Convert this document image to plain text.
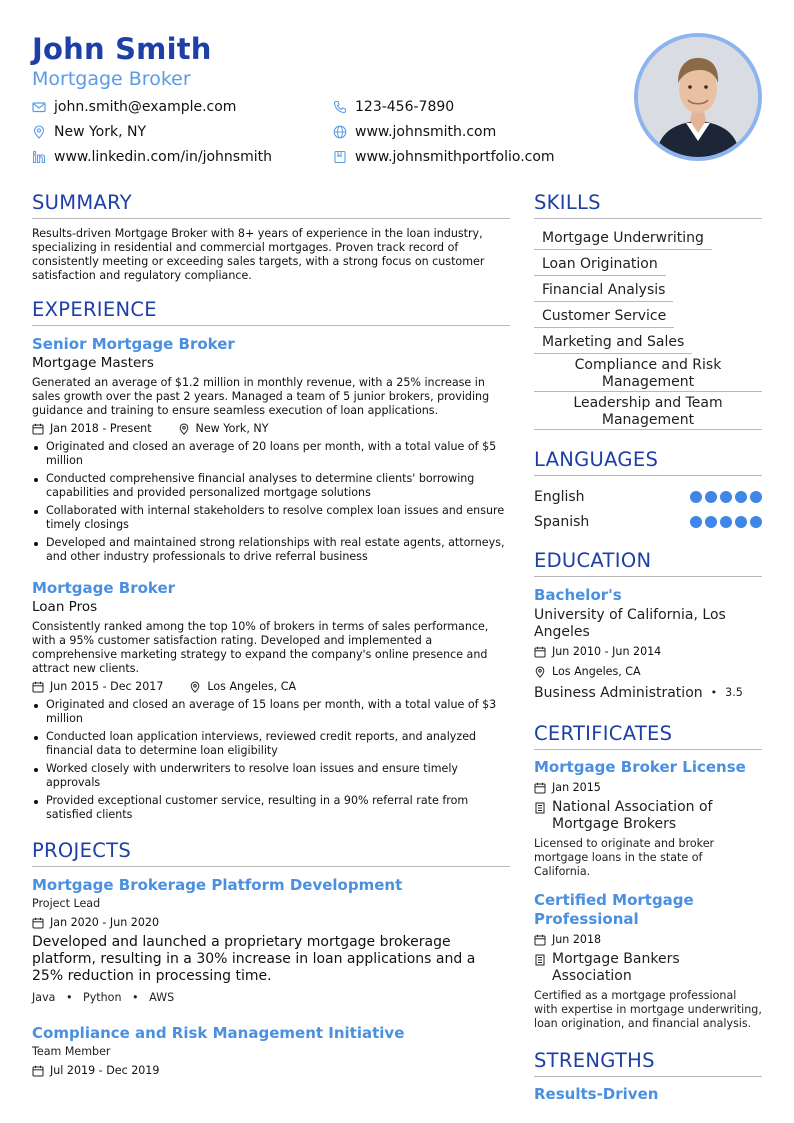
John Smith
Mortgage Broker
john.smith@example.com	123-456-7890
New York, NY	www.johnsmith.com
www.linkedin.com/in/johnsmith	www.johnsmithportfolio.com
SUMMARY
Results-driven Mortgage Broker with 8+ years of experience in the loan industry, specializing in residential and commercial mortgages. Proven track record of consistently meeting or exceeding sales targets, with a strong focus on customer satisfaction and regulatory compliance.
EXPERIENCE
Senior Mortgage Broker
Mortgage Masters
Generated an average of $1.2 million in monthly revenue, with a 25% increase in sales growth over the past 2 years. Managed a team of 5 junior brokers, providing guidance and training to ensure seamless execution of loan applications.
Jan 2018 - Present	New York, NY
Originated and closed an average of 20 loans per month, with a total value of $5 million
Conducted comprehensive financial analyses to determine clients' borrowing capabilities and provided personalized mortgage solutions
Collaborated with internal stakeholders to resolve complex loan issues and ensure timely closings
Developed and maintained strong relationships with real estate agents, attorneys, and other industry professionals to drive referral business
Mortgage Broker
Loan Pros
Consistently ranked among the top 10% of brokers in terms of sales performance, with a 95% customer satisfaction rating. Developed and implemented a comprehensive marketing strategy to expand the company's online presence and attract new clients.
Jun 2015 - Dec 2017	Los Angeles, CA
Originated and closed an average of 15 loans per month, with a total value of $3 million
Conducted loan application interviews, reviewed credit reports, and analyzed financial data to determine loan eligibility
Worked closely with underwriters to resolve loan issues and ensure timely approvals
Provided exceptional customer service, resulting in a 90% referral rate from satisfied clients
PROJECTS
Mortgage Brokerage Platform Development
Project Lead
Jan 2020 - Jun 2020
Developed and launched a proprietary mortgage brokerage platform, resulting in a 30% increase in loan applications and a 25% reduction in processing time.
Java • Python • AWS
Compliance and Risk Management Initiative
Team Member
Jul 2019 - Dec 2019
SKILLS
Mortgage Underwriting
Loan Origination
Financial Analysis
Customer Service
Marketing and Sales
Compliance and Risk Management
Leadership and Team Management
LANGUAGES
English
Spanish
EDUCATION
Bachelor's
University of California, Los Angeles
Jun 2010 - Jun 2014
Los Angeles, CA
Business Administration • 3.5
CERTIFICATES
Mortgage Broker License
Jan 2015
National Association of Mortgage Brokers
Licensed to originate and broker mortgage loans in the state of California.
Certified Mortgage Professional
Jun 2018
Mortgage Bankers Association
Certified as a mortgage professional with expertise in mortgage underwriting, loan origination, and financial analysis.
STRENGTHS
Results-Driven
